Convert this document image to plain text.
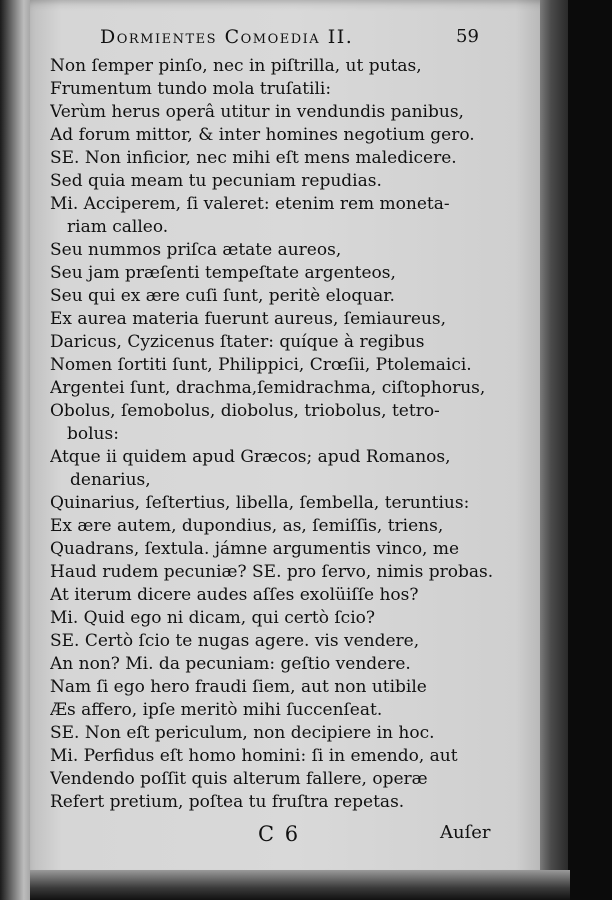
Dormientes Comoedia II.	59
Non ſemper pinſo, nec in piſtrilla, ut putas,
Frumentum tundo mola truſatili:
Verùm herus operâ utitur in vendundis panibus,
Ad forum mittor, & inter homines negotium gero.
SE. Non inficior, nec mihi eſt mens maledicere.
Sed quia meam tu pecuniam repudias.
Mi. Acciperem, ſi valeret: etenim rem moneta-
riam calleo.
Seu nummos priſca ætate aureos,
Seu jam præſenti tempeſtate argenteos,
Seu qui ex ære cuſi ſunt, peritè eloquar.
Ex aurea materia fuerunt aureus, ſemiaureus,
Daricus, Cyzicenus ſtater: quíque à regibus
Nomen ſortiti ſunt, Philippici, Crœſii, Ptolemaici.
Argentei ſunt, drachma,ſemidrachma, ciſtophorus,
Obolus, ſemobolus, diobolus, triobolus, tetro-
bolus:
Atque ii quidem apud Græcos; apud Romanos,
denarius,
Quinarius, ſeſtertius, libella, ſembella, teruntius:
Ex ære autem, dupondius, as, ſemiſſis, triens,
Quadrans, ſextula. jámne argumentis vinco, me
Haud rudem pecuniæ? SE. pro ſervo, nimis probas.
At iterum dicere audes aſſes exolüiſſe hos?
Mi. Quid ego ni dicam, qui certò ſcio?
SE. Certò ſcio te nugas agere. vis vendere,
An non? Mi. da pecuniam: geſtio vendere.
Nam ſi ego hero fraudi ſiem, aut non utibile
Æs affero, ipſe meritò mihi ſuccenſeat.
SE. Non eſt periculum, non decipiere in hoc.
Mi. Perfidus eſt homo homini: ſi in emendo, aut
Vendendo poſſit quis alterum fallere, operæ
Refert pretium, poſtea tu fruſtra repetas.
C 6	Auſer
